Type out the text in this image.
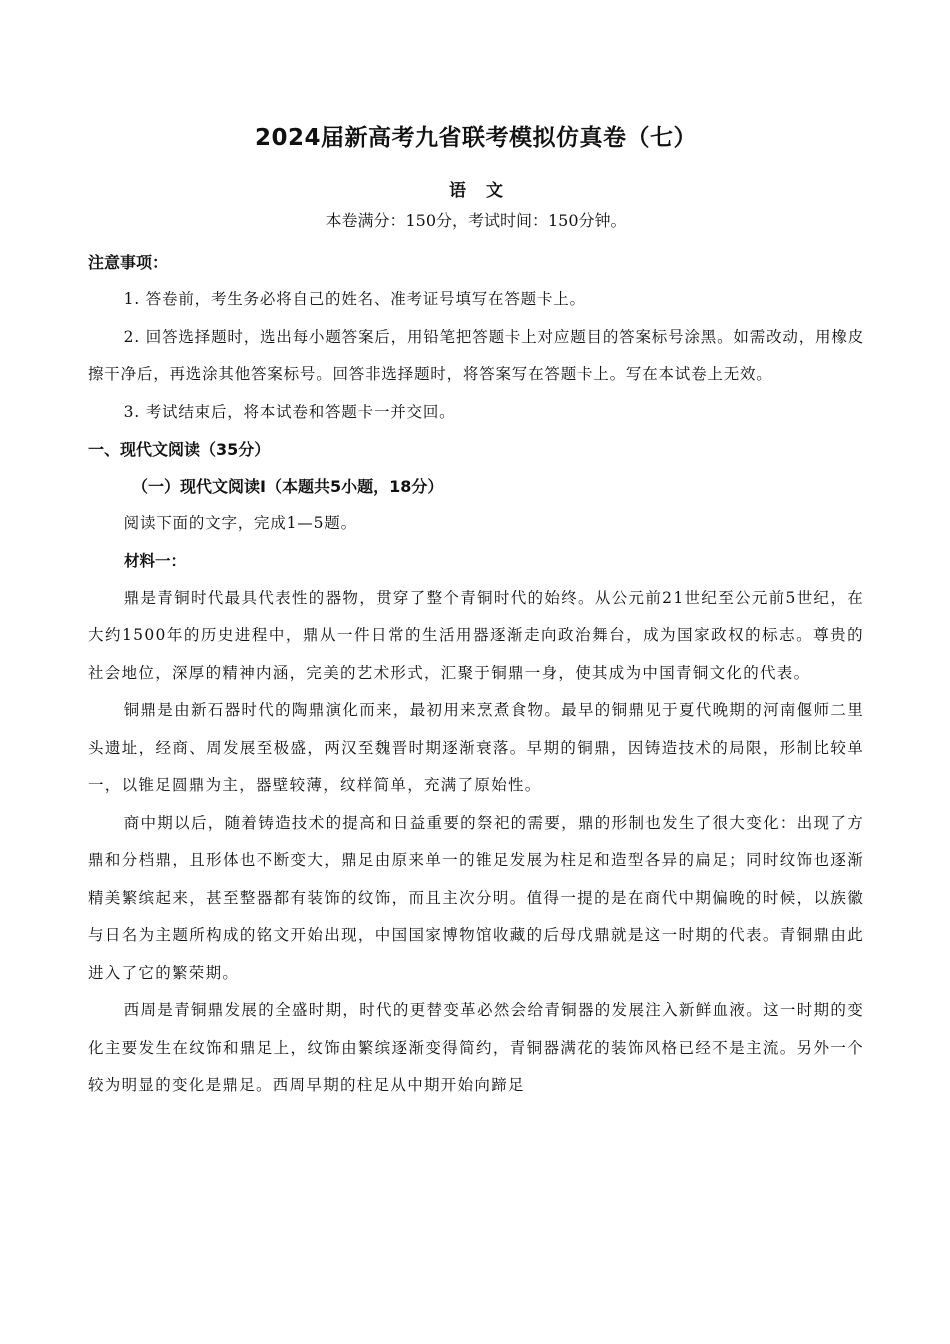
2024届新高考九省联考模拟仿真卷（七）
语文
本卷满分：150分，考试时间：150分钟。
注意事项：

1. 答卷前，考生务必将自己的姓名、准考证号填写在答题卡上。

2. 回答选择题时，选出每小题答案后，用铅笔把答题卡上对应题目的答案标号涂黑。如需改动，用橡皮擦干净后，再选涂其他答案标号。回答非选择题时，将答案写在答题卡上。写在本试卷上无效。

3. 考试结束后，将本试卷和答题卡一并交回。

一、现代文阅读（35分）
（一）现代文阅读I（本题共5小题，18分）

阅读下面的文字，完成1—5题。

材料一：

鼎是青铜时代最具代表性的器物，贯穿了整个青铜时代的始终。从公元前21世纪至公元前5世纪，在大约1500年的历史进程中，鼎从一件日常的生活用器逐渐走向政治舞台，成为国家政权的标志。尊贵的社会地位，深厚的精神内涵，完美的艺术形式，汇聚于铜鼎一身，使其成为中国青铜文化的代表。

铜鼎是由新石器时代的陶鼎演化而来，最初用来烹煮食物。最早的铜鼎见于夏代晚期的河南偃师二里头遗址，经商、周发展至极盛，两汉至魏晋时期逐渐衰落。早期的铜鼎，因铸造技术的局限，形制比较单一，以锥足圆鼎为主，器壁较薄，纹样简单，充满了原始性。

商中期以后，随着铸造技术的提高和日益重要的祭祀的需要，鼎的形制也发生了很大变化：出现了方鼎和分档鼎，且形体也不断变大，鼎足由原来单一的锥足发展为柱足和造型各异的扁足；同时纹饰也逐渐精美繁缤起来，甚至整器都有装饰的纹饰，而且主次分明。值得一提的是在商代中期偏晚的时候，以族徽与日名为主题所构成的铭文开始出现，中国国家博物馆收藏的后母戊鼎就是这一时期的代表。青铜鼎由此进入了它的繁荣期。

西周是青铜鼎发展的全盛时期，时代的更替变革必然会给青铜器的发展注入新鲜血液。这一时期的变化主要发生在纹饰和鼎足上，纹饰由繁缤逐渐变得简约，青铜器满花的装饰风格已经不是主流。另外一个较为明显的变化是鼎足。西周早期的柱足从中期开始向蹄足
